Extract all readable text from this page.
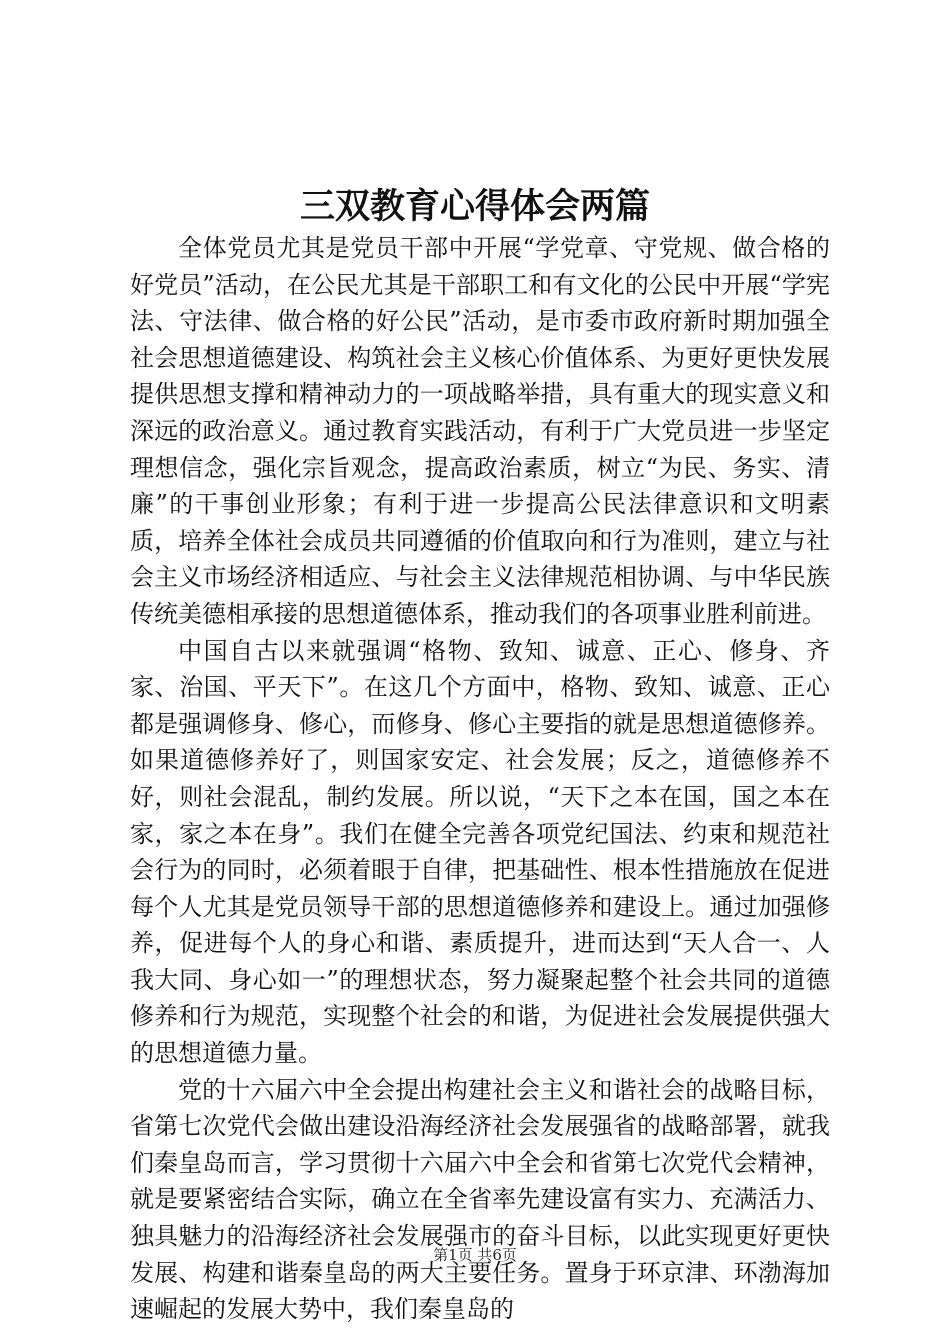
三双教育心得体会两篇

全体党员尤其是党员干部中开展“学党章、守党规、做合格的好党员”活动，在公民尤其是干部职工和有文化的公民中开展“学宪法、守法律、做合格的好公民”活动，是市委市政府新时期加强全社会思想道德建设、构筑社会主义核心价值体系、为更好更快发展提供思想支撑和精神动力的一项战略举措，具有重大的现实意义和深远的政治意义。通过教育实践活动，有利于广大党员进一步坚定理想信念，强化宗旨观念，提高政治素质，树立“为民、务实、清廉”的干事创业形象；有利于进一步提高公民法律意识和文明素质，培养全体社会成员共同遵循的价值取向和行为准则，建立与社会主义市场经济相适应、与社会主义法律规范相协调、与中华民族传统美德相承接的思想道德体系，推动我们的各项事业胜利前进。

中国自古以来就强调“格物、致知、诚意、正心、修身、齐家、治国、平天下”。在这几个方面中，格物、致知、诚意、正心都是强调修身、修心，而修身、修心主要指的就是思想道德修养。如果道德修养好了，则国家安定、社会发展；反之，道德修养不好，则社会混乱，制约发展。所以说，“天下之本在国，国之本在家，家之本在身”。我们在健全完善各项党纪国法、约束和规范社会行为的同时，必须着眼于自律，把基础性、根本性措施放在促进每个人尤其是党员领导干部的思想道德修养和建设上。通过加强修养，促进每个人的身心和谐、素质提升，进而达到“天人合一、人我大同、身心如一”的理想状态，努力凝聚起整个社会共同的道德修养和行为规范，实现整个社会的和谐，为促进社会发展提供强大的思想道德力量。

党的十六届六中全会提出构建社会主义和谐社会的战略目标，省第七次党代会做出建设沿海经济社会发展强省的战略部署，就我们秦皇岛而言，学习贯彻十六届六中全会和省第七次党代会精神，就是要紧密结合实际，确立在全省率先建设富有实力、充满活力、独具魅力的沿海经济社会发展强市的奋斗目标，以此实现更好更快发展、构建和谐秦皇岛的两大主要任务。置身于环京津、环渤海加速崛起的发展大势中，我们秦皇岛的

第1页 共6页
